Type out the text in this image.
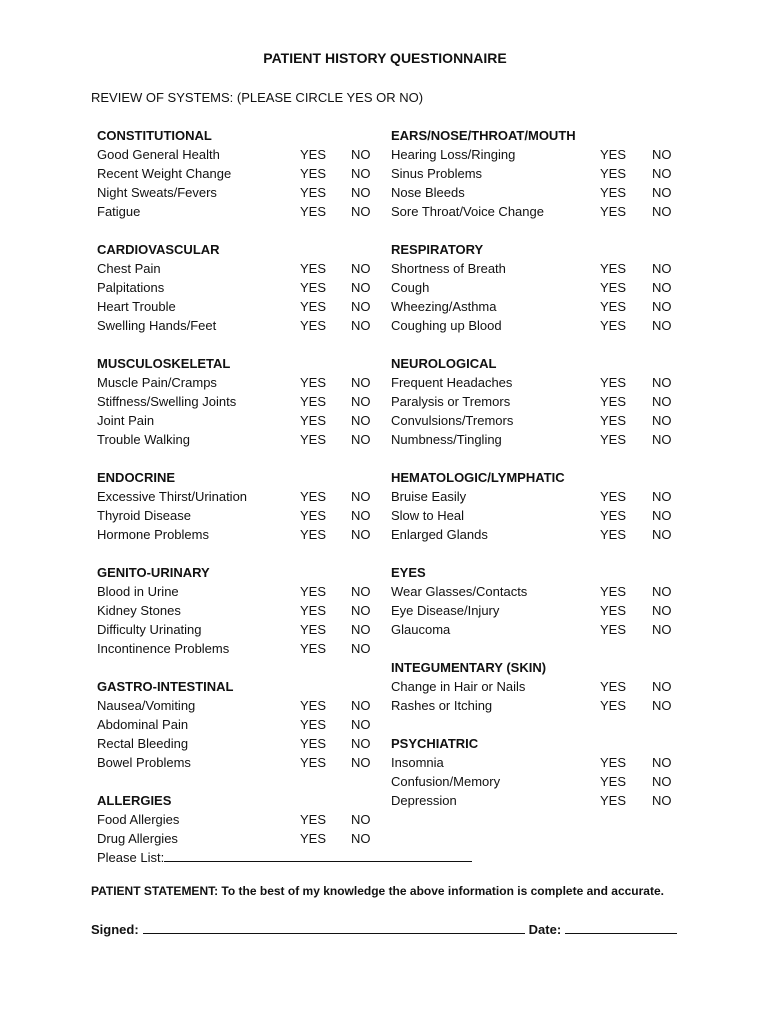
PATIENT HISTORY QUESTIONNAIRE
REVIEW OF SYSTEMS: (PLEASE CIRCLE YES OR NO)
CONSTITUTIONAL
Good General Health	YES NO
Recent Weight Change	YES NO
Night Sweats/Fevers	YES NO
Fatigue	YES NO
CARDIOVASCULAR
Chest Pain	YES NO
Palpitations	YES NO
Heart Trouble	YES NO
Swelling Hands/Feet	YES NO
MUSCULOSKELETAL
Muscle Pain/Cramps	YES NO
Stiffness/Swelling Joints	YES NO
Joint Pain	YES NO
Trouble Walking	YES NO
ENDOCRINE
Excessive Thirst/Urination	YES NO
Thyroid Disease	YES NO
Hormone Problems	YES NO
GENITO-URINARY
Blood in Urine	YES NO
Kidney Stones	YES NO
Difficulty Urinating	YES NO
Incontinence Problems	YES NO
GASTRO-INTESTINAL
Nausea/Vomiting	YES NO
Abdominal Pain	YES NO
Rectal Bleeding	YES NO
Bowel Problems	YES NO
ALLERGIES
Food Allergies	YES NO
Drug Allergies	YES NO
Please List:
EARS/NOSE/THROAT/MOUTH
Hearing Loss/Ringing	YES NO
Sinus Problems	YES NO
Nose Bleeds	YES NO
Sore Throat/Voice Change	YES NO
RESPIRATORY
Shortness of Breath	YES NO
Cough	YES NO
Wheezing/Asthma	YES NO
Coughing up Blood	YES NO
NEUROLOGICAL
Frequent Headaches	YES NO
Paralysis or Tremors	YES NO
Convulsions/Tremors	YES NO
Numbness/Tingling	YES NO
HEMATOLOGIC/LYMPHATIC
Bruise Easily	YES NO
Slow to Heal	YES NO
Enlarged Glands	YES NO
EYES
Wear Glasses/Contacts	YES NO
Eye Disease/Injury	YES NO
Glaucoma	YES NO
INTEGUMENTARY (SKIN)
Change in Hair or Nails	YES NO
Rashes or Itching	YES NO
PSYCHIATRIC
Insomnia	YES NO
Confusion/Memory	YES NO
Depression	YES NO
PATIENT STATEMENT: To the best of my knowledge the above information is complete and accurate.
Signed:	Date:
